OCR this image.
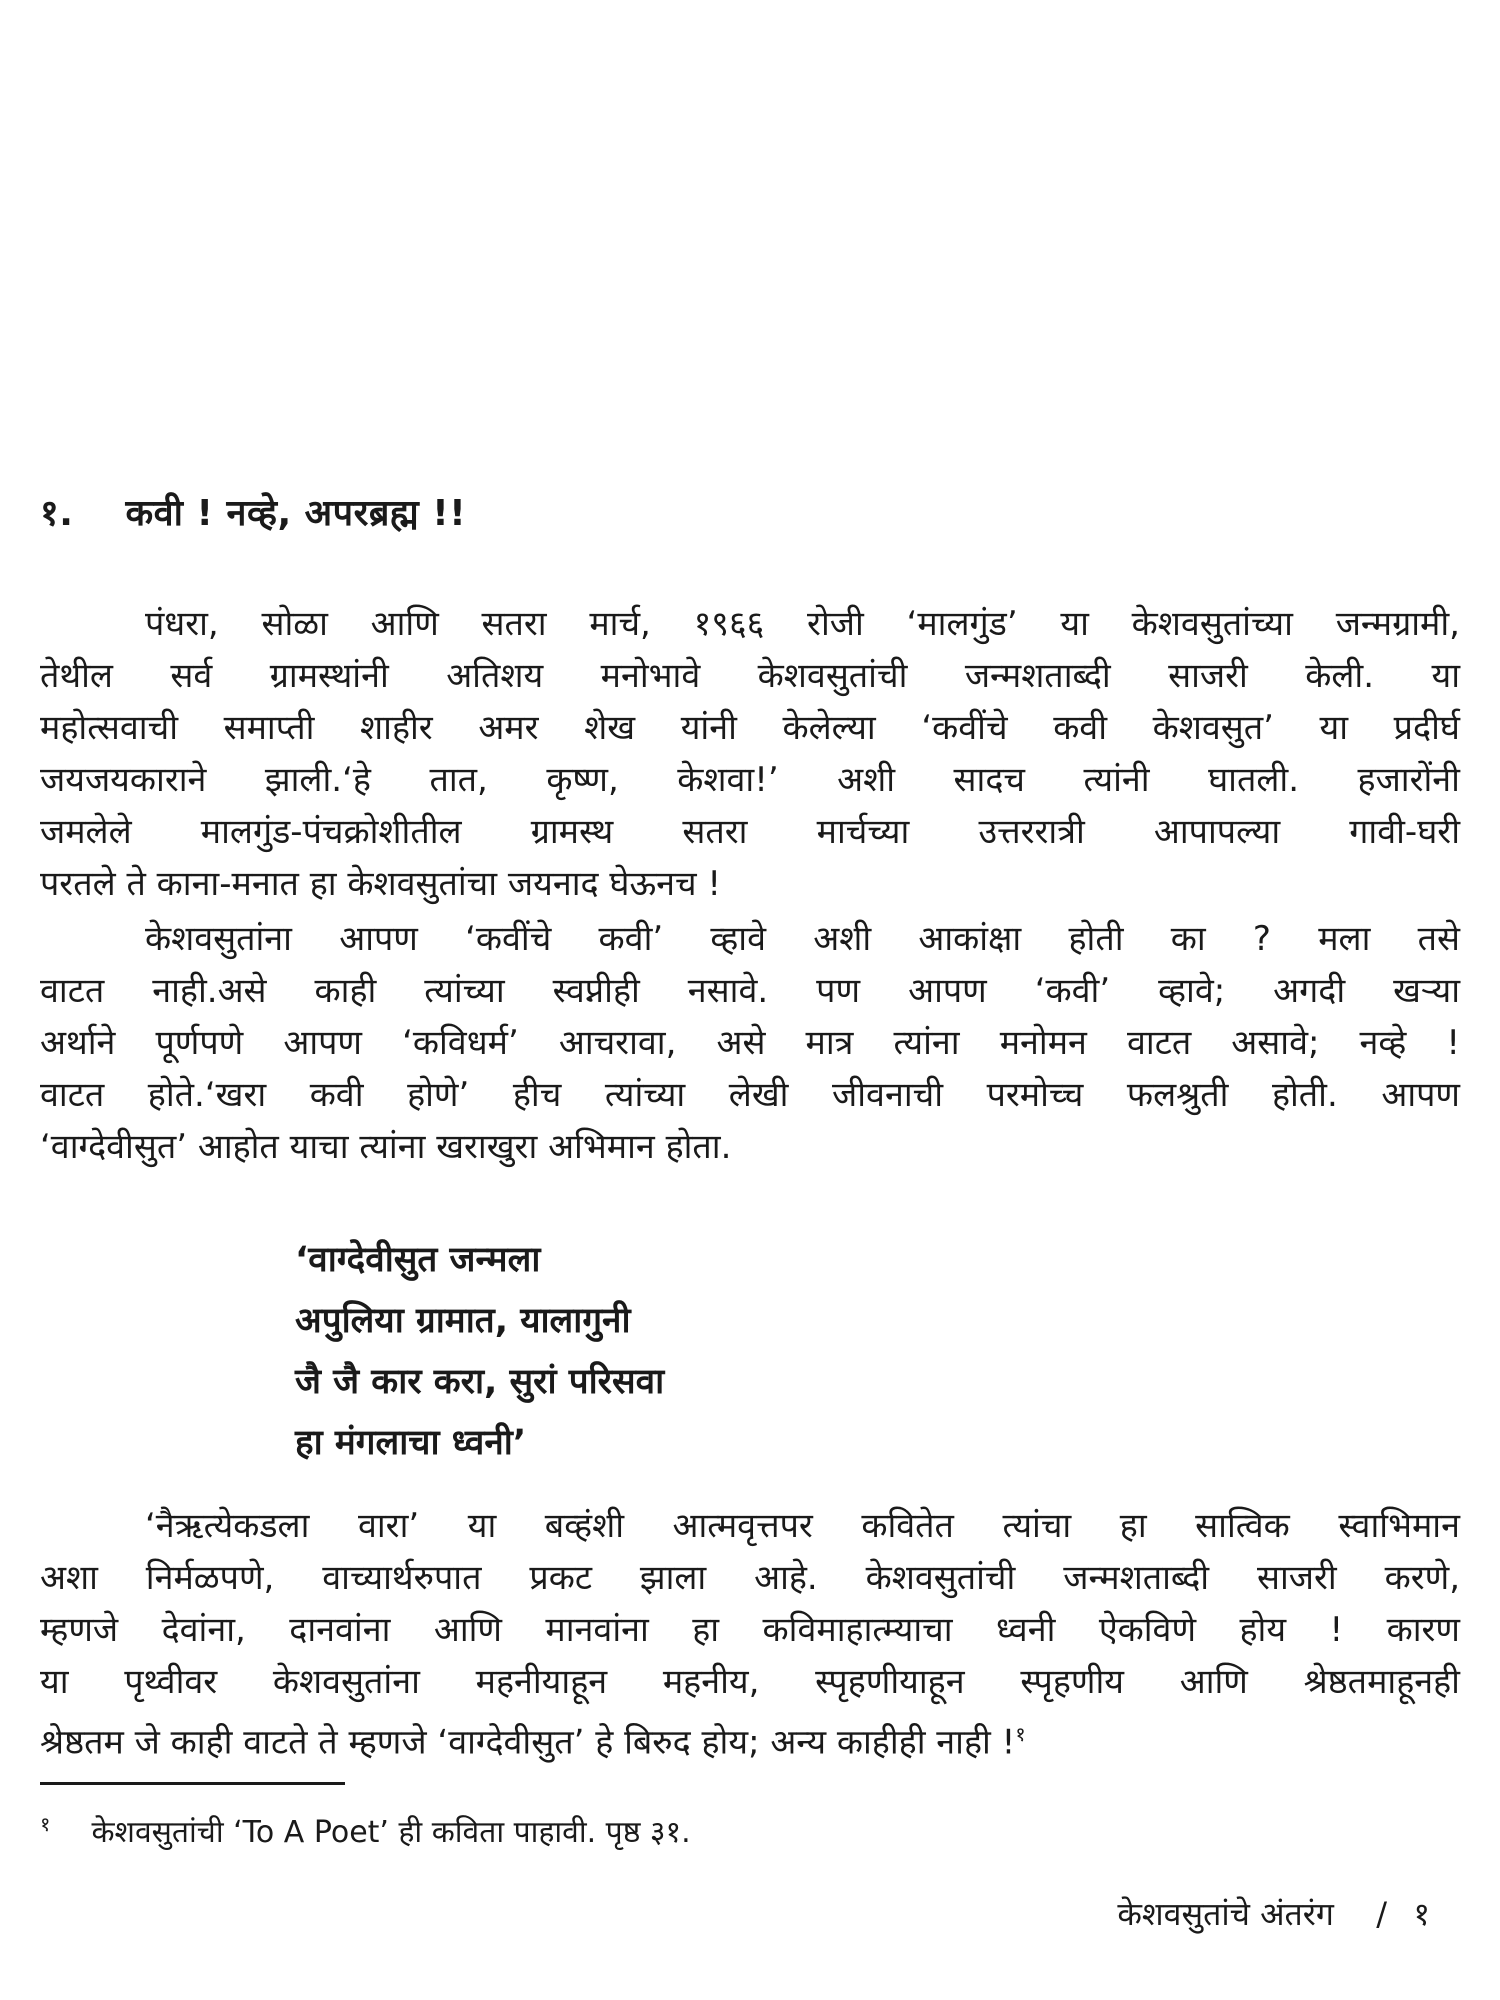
१. कवी ! नव्हे, अपरब्रह्म !!

पंधरा, सोळा आणि सतरा मार्च, १९६६ रोजी ‘मालगुंड’ या केशवसुतांच्या जन्मग्रामी,
तेथील सर्व ग्रामस्थांनी अतिशय मनोभावे केशवसुतांची जन्मशताब्दी साजरी केली. या
महोत्सवाची समाप्ती शाहीर अमर शेख यांनी केलेल्या ‘कवींचे कवी केशवसुत’ या प्रदीर्घ
जयजयकाराने झाली.‘हे तात, कृष्ण, केशवा!’ अशी सादच त्यांनी घातली. हजारोंनी
जमलेले मालगुंड-पंचक्रोशीतील ग्रामस्थ सतरा मार्चच्या उत्तररात्री आपापल्या गावी-घरी
परतले ते काना-मनात हा केशवसुतांचा जयनाद घेऊनच !

केशवसुतांना आपण ‘कवींचे कवी’ व्हावे अशी आकांक्षा होती का ? मला तसे
वाटत नाही.असे काही त्यांच्या स्वप्नीही नसावे. पण आपण ‘कवी’ व्हावे; अगदी खऱ्या
अर्थाने पूर्णपणे आपण ‘कविधर्म’ आचरावा, असे मात्र त्यांना मनोमन वाटत असावे; नव्हे !
वाटत होते.‘खरा कवी होणे’ हीच त्यांच्या लेखी जीवनाची परमोच्च फलश्रुती होती. आपण
‘वाग्देवीसुत’ आहोत याचा त्यांना खराखुरा अभिमान होता.

‘वाग्देवीसुत जन्मला
अपुलिया ग्रामात, यालागुनी
जै जै कार करा, सुरां परिसवा
हा मंगलाचा ध्वनी’

‘नैऋत्येकडला वारा’ या बव्हंशी आत्मवृत्तपर कवितेत त्यांचा हा सात्विक स्वाभिमान
अशा निर्मळपणे, वाच्यार्थरुपात प्रकट झाला आहे. केशवसुतांची जन्मशताब्दी साजरी करणे,
म्हणजे देवांना, दानवांना आणि मानवांना हा कविमाहात्म्याचा ध्वनी ऐकविणे होय ! कारण
या पृथ्वीवर केशवसुतांना महनीयाहून महनीय, स्पृहणीयाहून स्पृहणीय आणि श्रेष्ठतमाहूनही
श्रेष्ठतम जे काही वाटते ते म्हणजे ‘वाग्देवीसुत’ हे बिरुद होय; अन्य काहीही नाही !$^१$

$^१$ केशवसुतांची ‘To A Poet’ ही कविता पाहावी. पृष्ठ ३१.
केशवसुतांचे अंतरंग / १
